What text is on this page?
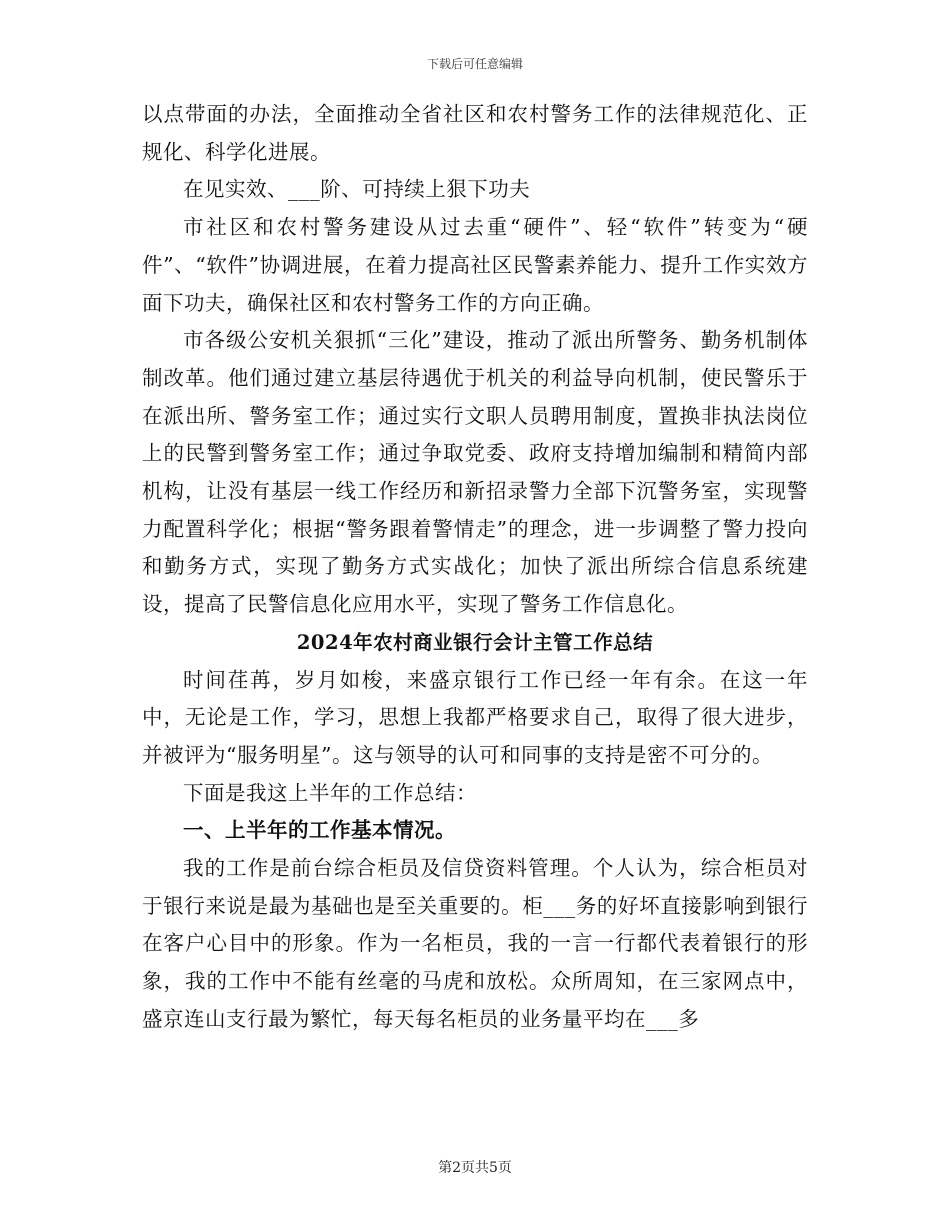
下载后可任意编辑

以点带面的办法，全面推动全省社区和农村警务工作的法律规范化、正规化、科学化进展。

在见实效、___阶、可持续上狠下功夫

市社区和农村警务建设从过去重“硬件”、轻“软件”转变为“硬件”、“软件”协调进展，在着力提高社区民警素养能力、提升工作实效方面下功夫，确保社区和农村警务工作的方向正确。

市各级公安机关狠抓“三化”建设，推动了派出所警务、勤务机制体制改革。他们通过建立基层待遇优于机关的利益导向机制，使民警乐于在派出所、警务室工作；通过实行文职人员聘用制度，置换非执法岗位上的民警到警务室工作；通过争取党委、政府支持增加编制和精简内部机构，让没有基层一线工作经历和新招录警力全部下沉警务室，实现警力配置科学化；根据“警务跟着警情走”的理念，进一步调整了警力投向和勤务方式，实现了勤务方式实战化；加快了派出所综合信息系统建设，提高了民警信息化应用水平，实现了警务工作信息化。

2024年农村商业银行会计主管工作总结

时间荏苒，岁月如梭，来盛京银行工作已经一年有余。在这一年中，无论是工作，学习，思想上我都严格要求自己，取得了很大进步，并被评为“服务明星”。这与领导的认可和同事的支持是密不可分的。

下面是我这上半年的工作总结：

一、上半年的工作基本情况。

我的工作是前台综合柜员及信贷资料管理。个人认为，综合柜员对于银行来说是最为基础也是至关重要的。柜___务的好坏直接影响到银行在客户心目中的形象。作为一名柜员，我的一言一行都代表着银行的形象，我的工作中不能有丝毫的马虎和放松。众所周知，在三家网点中，盛京连山支行最为繁忙，每天每名柜员的业务量平均在___多

第2页共5页
